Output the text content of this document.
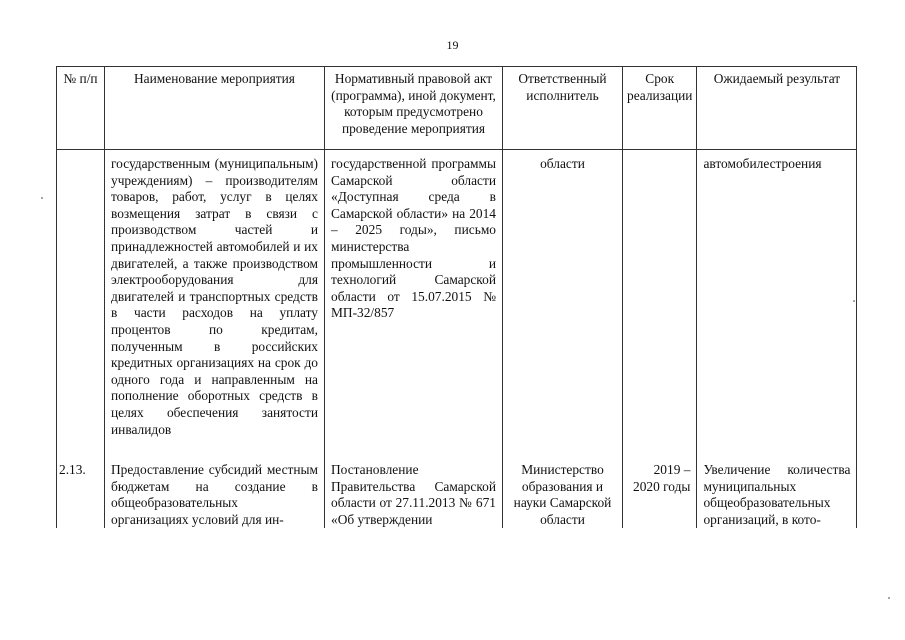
19
№ п/п	Наименование мероприятия	Нормативный правовой акт (программа), иной документ, которым предусмотрено проведение мероприятия	Ответственный исполнитель	Срок реализации	Ожидаемый результат
	государственным (муниципальным) учреждениям) – производителям товаров, работ, услуг в целях возмещения затрат в связи с производством частей и принадлежностей автомобилей и их двигателей, а также производством электрооборудования для двигателей и транспортных средств в части расходов на уплату процентов по кредитам, полученным в российских кредитных организациях на срок до одного года и направленным на пополнение оборотных средств в целях обеспечения занятости инвалидов	государственной программы Самарской области «Доступная среда в Самарской области» на 2014 – 2025 годы», письмо министерства промышленности и технологий Самарской области от 15.07.2015 № МП-32/857	области		автомобилестроения
2.13.	Предоставление субсидий местным бюджетам на создание в общеобразовательных организациях условий для ин-	Постановление Правительства Самарской области от 27.11.2013 № 671 «Об утверждении	Министерство образования и науки Самарской области	2019 – 2020 годы	Увеличение количества муниципальных общеобразовательных организаций, в кото-
